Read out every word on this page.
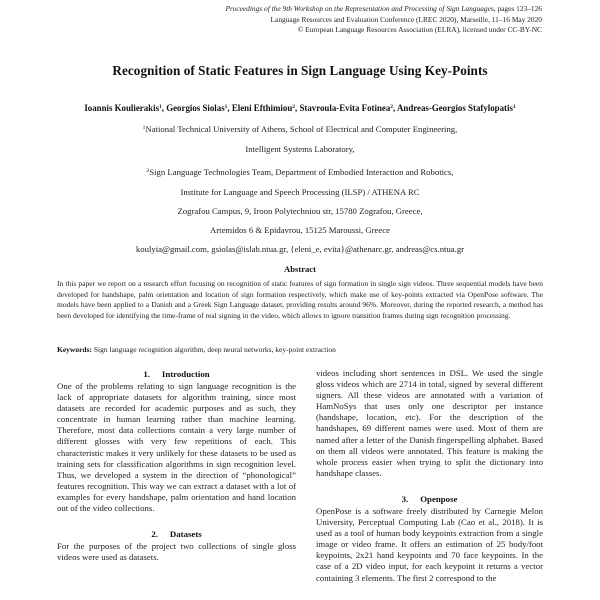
Proceedings of the 9th Workshop on the Representation and Processing of Sign Languages, pages 123–126
Language Resources and Evaluation Conference (LREC 2020), Marseille, 11–16 May 2020
© European Language Resources Association (ELRA), licensed under CC-BY-NC
Recognition of Static Features in Sign Language Using Key-Points
Ioannis Koulierakis$^1$, Georgios Siolas$^1$, Eleni Efthimiou$^2$, Stavroula-Evita Fotinea$^2$, Andreas-Georgios Stafylopatis$^1$
$^1$National Technical University of Athens, School of Electrical and Computer Engineering,
Intelligent Systems Laboratory,
$^2$Sign Language Technologies Team, Department of Embodied Interaction and Robotics,
Institute for Language and Speech Processing (ILSP) / ATHENA RC
Zografou Campus, 9, Iroon Polytechniou str, 15780 Zografou, Greece,
Artemidos 6 & Epidavrou, 15125 Maroussi, Greece
koulyia@gmail.com, gsiolas@islab.ntua.gr, {eleni_e, evita}@athenarc.gr, andreas@cs.ntua.gr
Abstract
In this paper we report on a research effort focusing on recognition of static features of sign formation in single sign videos. Three sequential models have been developed for handshape, palm orientation and location of sign formation respectively, which make use of key-points extracted via OpenPose software. The models have been applied to a Danish and a Greek Sign Language dataset, providing results around 96%. Moreover, during the reported research, a method has been developed for identifying the time-frame of real signing in the video, which allows to ignore transition frames during sign recognition processing.
Keywords: Sign language recognition algorithm, deep neural networks, key-point extraction
1. Introduction

One of the problems relating to sign language recognition is the lack of appropriate datasets for algorithm training, since most datasets are recorded for academic purposes and as such, they concentrate in human learning rather than machine learning. Therefore, most data collections contain a very large number of different glosses with very few repetitions of each. This characteristic makes it very unlikely for these datasets to be used as training sets for classification algorithms in sign recognition level. Thus, we developed a system in the direction of “phonological” features recognition. This way we can extract a dataset with a lot of examples for every handshape, palm orientation and hand location out of the video collections.

2. Datasets

For the purposes of the project two collections of single gloss videos were used as datasets.

videos including short sentences in DSL. We used the single gloss videos which are 2714 in total, signed by several different signers. All these videos are annotated with a variation of HamNoSys that uses only one descriptor per instance (handshape, location, etc). For the description of the handshapes, 69 different names were used. Most of them are named after a letter of the Danish fingerspelling alphabet. Based on them all videos were annotated. This feature is making the whole process easier when trying to split the dictionary into handshape classes.

3. Openpose

OpenPose is a software freely distributed by Carnegie Melon University, Perceptual Computing Lab (Cao et al., 2018). It is used as a tool of human body keypoints extraction from a single image or video frame. It offers an estimation of 25 body/foot keypoints, 2x21 hand keypoints and 70 face keypoints. In the case of a 2D video input, for each keypoint it returns a vector containing 3 elements. The first 2 correspond to the
